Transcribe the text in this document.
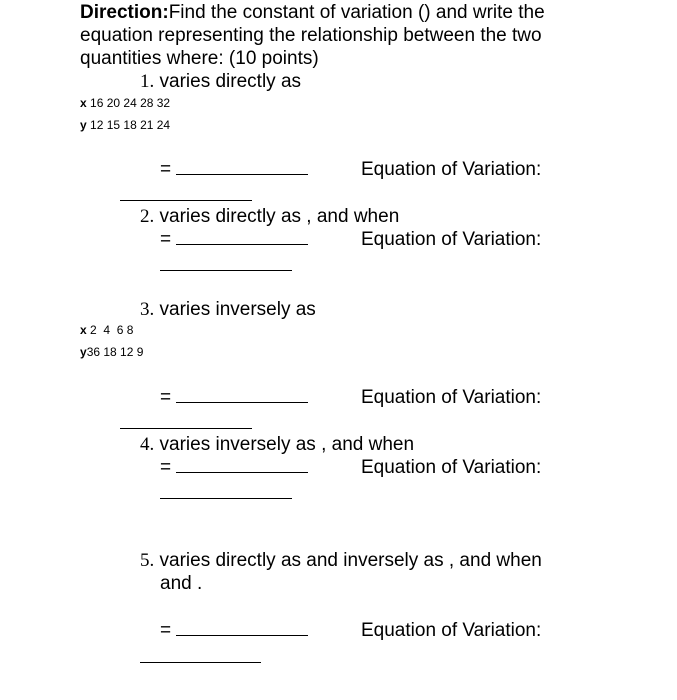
Direction:Find the constant of variation () and write the
equation representing the relationship between the two
quantities where: (10 points)
1. varies directly as
x 16 20 24 28 32
y 12 15 18 21 24
=	Equation of Variation:
2. varies directly as , and when
=	Equation of Variation:
3. varies inversely as
x 2  4  6 8
y36 18 12 9
=	Equation of Variation:
4. varies inversely as , and when
=	Equation of Variation:
5. varies directly as and inversely as , and when
and .
=	Equation of Variation:
